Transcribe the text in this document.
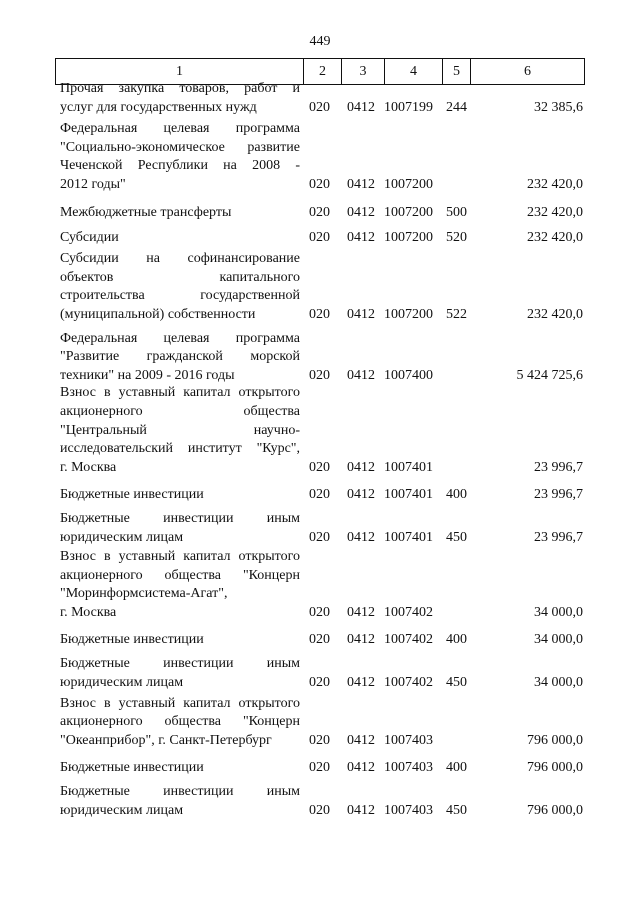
449
1	2	3	4	5	6
Прочая закупка товаров, работ и
услуг для государственных нужд	020 0412 1007199 244	32 385,6
Федеральная целевая программа
"Социально-экономическое развитие
Чеченской Республики на 2008 -
2012 годы"	020 0412 1007200	232 420,0
Межбюджетные трансферты	020 0412 1007200 500	232 420,0
Субсидии	020 0412 1007200 520	232 420,0
Субсидии на софинансирование
объектов капитального
строительства государственной
(муниципальной) собственности	020 0412 1007200 522	232 420,0
Федеральная целевая программа
"Развитие гражданской морской
техники" на 2009 - 2016 годы	020 0412 1007400	5 424 725,6
Взнос в уставный капитал открытого
акционерного общества
"Центральный научно-
исследовательский институт "Курс",
г. Москва	020 0412 1007401	23 996,7
Бюджетные инвестиции	020 0412 1007401 400	23 996,7
Бюджетные инвестиции иным
юридическим лицам	020 0412 1007401 450	23 996,7
Взнос в уставный капитал открытого
акционерного общества "Концерн
"Моринформсистема-Агат",
г. Москва	020 0412 1007402	34 000,0
Бюджетные инвестиции	020 0412 1007402 400	34 000,0
Бюджетные инвестиции иным
юридическим лицам	020 0412 1007402 450	34 000,0
Взнос в уставный капитал открытого
акционерного общества "Концерн
"Океанприбор", г. Санкт-Петербург	020 0412 1007403	796 000,0
Бюджетные инвестиции	020 0412 1007403 400	796 000,0
Бюджетные инвестиции иным
юридическим лицам	020 0412 1007403 450	796 000,0
